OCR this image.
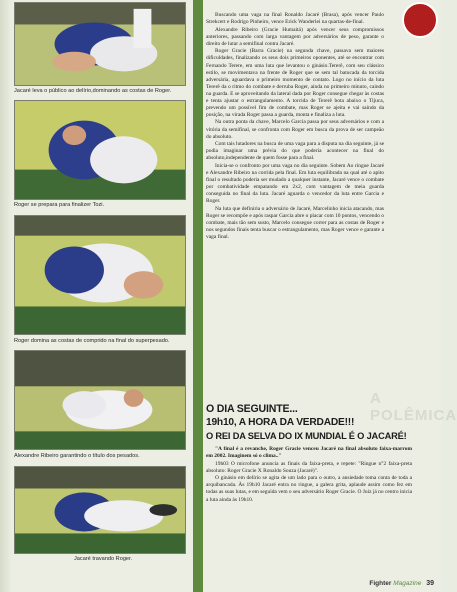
Jacaré leva o público ao delírio,dominando as costas de Roger.
Roger se prepara para finalizer Tozi.
Roger domina as costas de comprido na final do superpesado.
Alexandre Ribeiro garantindo o título dos pesados.
Jacaré travando Roger.

Buscando uma vaga na final Ronaldo Jacaré (Brasa), após vencer Paulo Strekcert e Rodrigo Pinheiro, vence Erick Wanderlei na quartas-de-final.

Alexandre Ribeiro (Gracie Humaitá) após vencer seus compromissos anteriores, passando com larga vantagem por adversários de peso, garante o direito de lutar a semifinal contra Jacaré.

Roger Gracie (Barra Gracie) na segunda chave, passava sem maiores dificuldades, finalizando os seus dois primeiros oponentes, até se encontrar com Fernando Terere, em uma luta que levantou o ginásio.Tererê, com seu clássico estilo, se movimentava na frente de Roger que se sem tal batucada da torcida adversária, aguardava o primeiro momento de contato. Logo no início da luta Tererê da o ritmo do combate e derruba Roger, ainda no primeiro minuto, caindo na guarda. E se aproveitando da lateral dada por Roger consegue chegar às costas e tenta ajustar o estrangulamento. A torcida de Tererê bota abaixo o Tijuca, prevendo um possível fim de combate, mas Roger se ajeita e vai saindo da posição, na virada Roger passa a guarda, monta e finaliza a luta.

Na outra ponta da chave, Marcelo Garcia passa por seus adversários e com a vitória da semifinal, se confronta com Roger em busca da prova de ser campeão do absoluto.

Com tais lutadores na busca de uma vaga para a disputa na dia seguinte, já se podia imaginar uma prévia do que poderia acontecer na final do absoluto,independente de quem fosse para a final.

Inicia-se o confronto por uma vaga no dia seguinte. Sobem Ao ringue Jacaré e Alexandre Ribeiro na corrida pela final. Em luta equilibrada na qual até o apito final o resultado poderia ser mudado a qualquer instante, Jacaré vence o combate por combatividade empatando em 2x2, com vantagem de meia guarda conseguida no final da luta. Jacaré aguarda o vencedor da luta entre Garcia e Roger.

Na luta que definiria o adversário de Jacaré, Marcelinho inicia atacando, mas Roger se recompõe e após raspar Garcia abre o placar com 10 pontos, vencendo o combate, mais tão sem susto, Marcelo consegue correr para as costas de Roger e nos segundos finais tenta buscar o estrangulamento, mas Roger vence e garante a vaga final.

A POLÊMICA
O DIA SEGUINTE...
19h10, A HORA DA VERDADE!!!
O REI DA SELVA DO IX MUNDIAL É O JACARÉ!

"A final é a revanche, Roger Gracie venceu Jacaré na final absoluto faixa-marrom em 2002. Imaginem só o clima.."

19h03 O microfone anuncia as finais da faixa-preta, e repete: "Ringue n°2 faixa-preta absoluto: Roger Gracie X Ronaldo Souza (Jacaré)".

O ginásio em delírio se agita de um lado para o outro, a ansiedade toma conta de toda a arquibancada. Às 19h10 Jacaré entra no ringue, a galera grita, aplaude assim como fez em todas as suas lutas, e em seguida vem o seu adversário Roger Gracie. O Juiz já no centro inicia a luta ainda às 19h10.

Fighter Magazine 39
